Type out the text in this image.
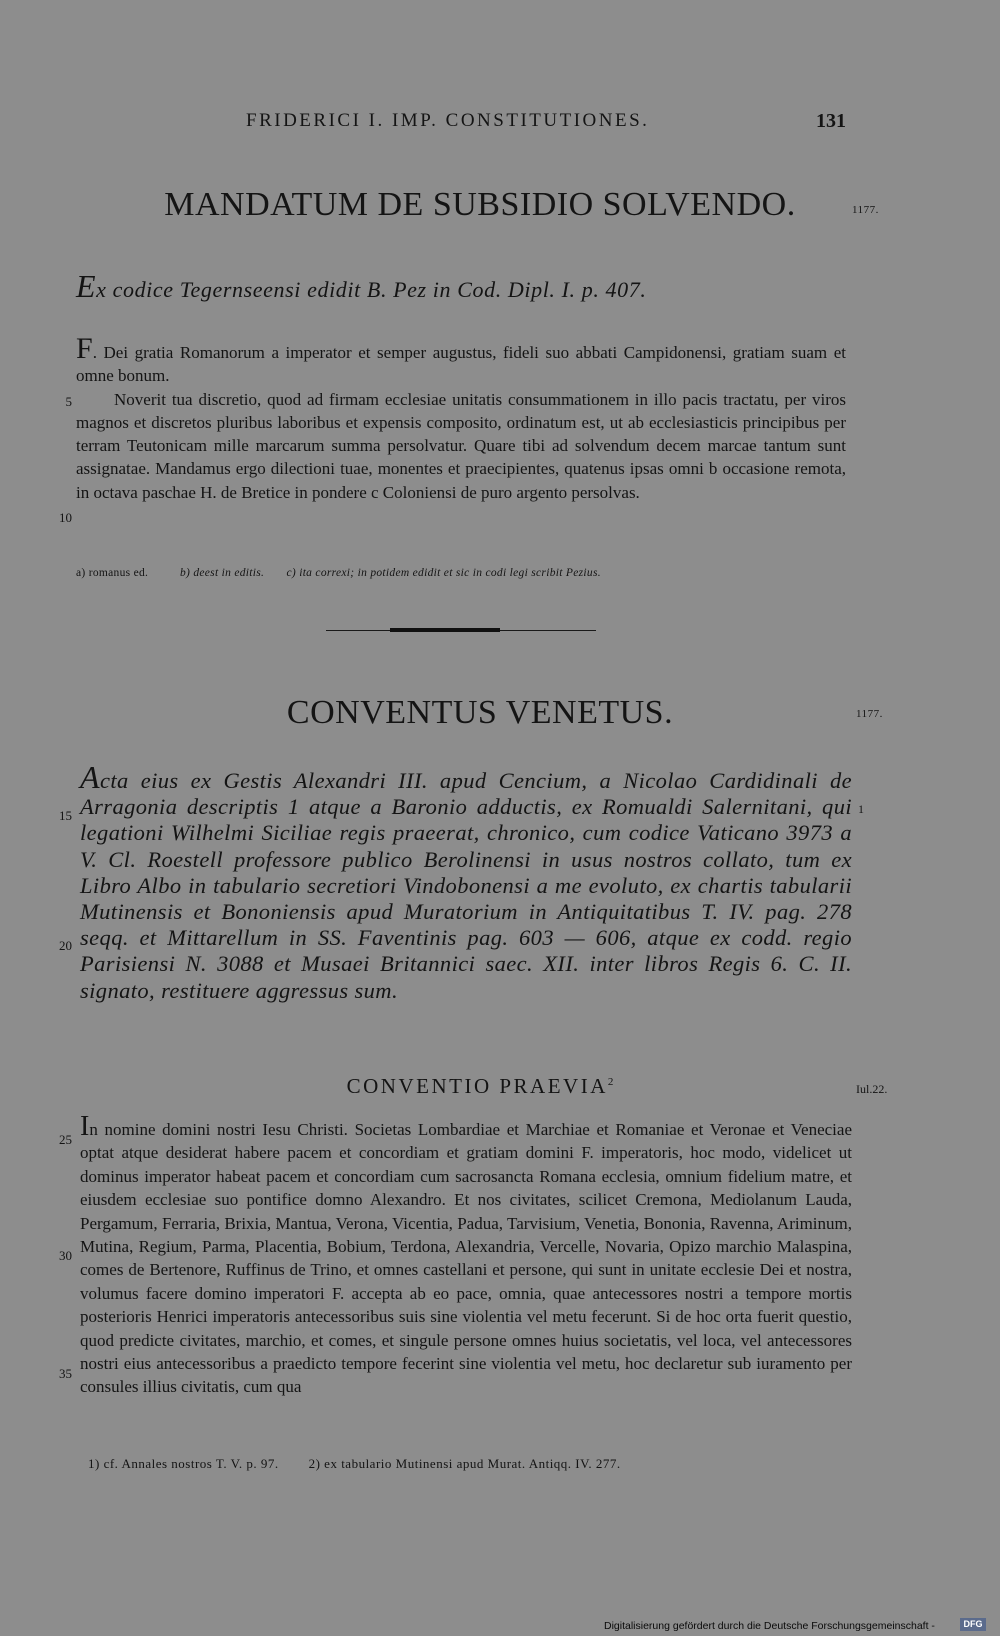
FRIDERICI I. IMP. CONSTITUTIONES.	131
MANDATUM DE SUBSIDIO SOLVENDO.	1177.
Ex codice Tegernseensi edidit B. Pez in Cod. Dipl. I. p. 407.

F. Dei gratia Romanorum a imperator et semper augustus, fideli suo abbati Campidonensi, gratiam suam et omne bonum.

Noverit tua discretio, quod ad firmam ecclesiae unitatis consummationem in illo pacis tractatu, per viros magnos et discretos pluribus laboribus et expensis composito, ordinatum est, ut ab ecclesiasticis principibus per terram Teutonicam mille marcarum summa persolvatur. Quare tibi ad solvendum decem marcae tantum sunt assignatae. Mandamus ergo dilectioni tuae, monentes et praecipientes, quatenus ipsas omni b occasione remota, in octava paschae H. de Bretice in pondere c Coloniensi de puro argento persolvas.

5
10
a) romanus ed.	b) deest in editis. c) ita correxi; in potidem edidit et sic in codi legi scribit Pezius.
CONVENTUS VENETUS.	1177.
Acta eius ex Gestis Alexandri III. apud Cencium, a Nicolao Cardidinali de Arragonia descriptis 1 atque a Baronio adductis, ex Romualdi Salernitani, qui legationi Wilhelmi Siciliae regis praeerat, chronico, cum codice Vaticano 3973 a V. Cl. Roestell professore publico Berolinensi in usus nostros collato, tum ex Libro Albo in tabulario secretiori Vindobonensi a me evoluto, ex chartis tabularii Mutinensis et Bononiensis apud Muratorium in Antiquitatibus T. IV. pag. 278 seqq. et Mittarellum in SS. Faventinis pag. 603 — 606, atque ex codd. regio Parisiensi N. 3088 et Musaei Britannici saec. XII. inter libros Regis 6. C. II. signato, restituere aggressus sum.
15
20
1
CONVENTIO PRAEVIA$^2$	Iul.22.
In nomine domini nostri Iesu Christi. Societas Lombardiae et Marchiae et Romaniae et Veronae et Veneciae optat atque desiderat habere pacem et concordiam et gratiam domini F. imperatoris, hoc modo, videlicet ut dominus imperator habeat pacem et concordiam cum sacrosancta Romana ecclesia, omnium fidelium matre, et eiusdem ecclesiae suo pontifice domno Alexandro. Et nos civitates, scilicet Cremona, Mediolanum Lauda, Pergamum, Ferraria, Brixia, Mantua, Verona, Vicentia, Padua, Tarvisium, Venetia, Bononia, Ravenna, Ariminum, Mutina, Regium, Parma, Placentia, Bobium, Terdona, Alexandria, Vercelle, Novaria, Opizo marchio Malaspina, comes de Bertenore, Ruffinus de Trino, et omnes castellani et persone, qui sunt in unitate ecclesie Dei et nostra, volumus facere domino imperatori F. accepta ab eo pace, omnia, quae antecessores nostri a tempore mortis posterioris Henrici imperatoris antecessoribus suis sine violentia vel metu fecerunt. Si de hoc orta fuerit questio, quod predicte civitates, marchio, et comes, et singule persone omnes huius societatis, vel loca, vel antecessores nostri eius antecessoribus a praedicto tempore fecerint sine violentia vel metu, hoc declaretur sub iuramento per consules illius civitatis, cum qua
25
30
35
1) cf. Annales nostros T. V. p. 97. 2) ex tabulario Mutinensi apud Murat. Antiqq. IV. 277.
Digitalisierung gefördert durch die Deutsche Forschungsgemeinschaft -	DFG
